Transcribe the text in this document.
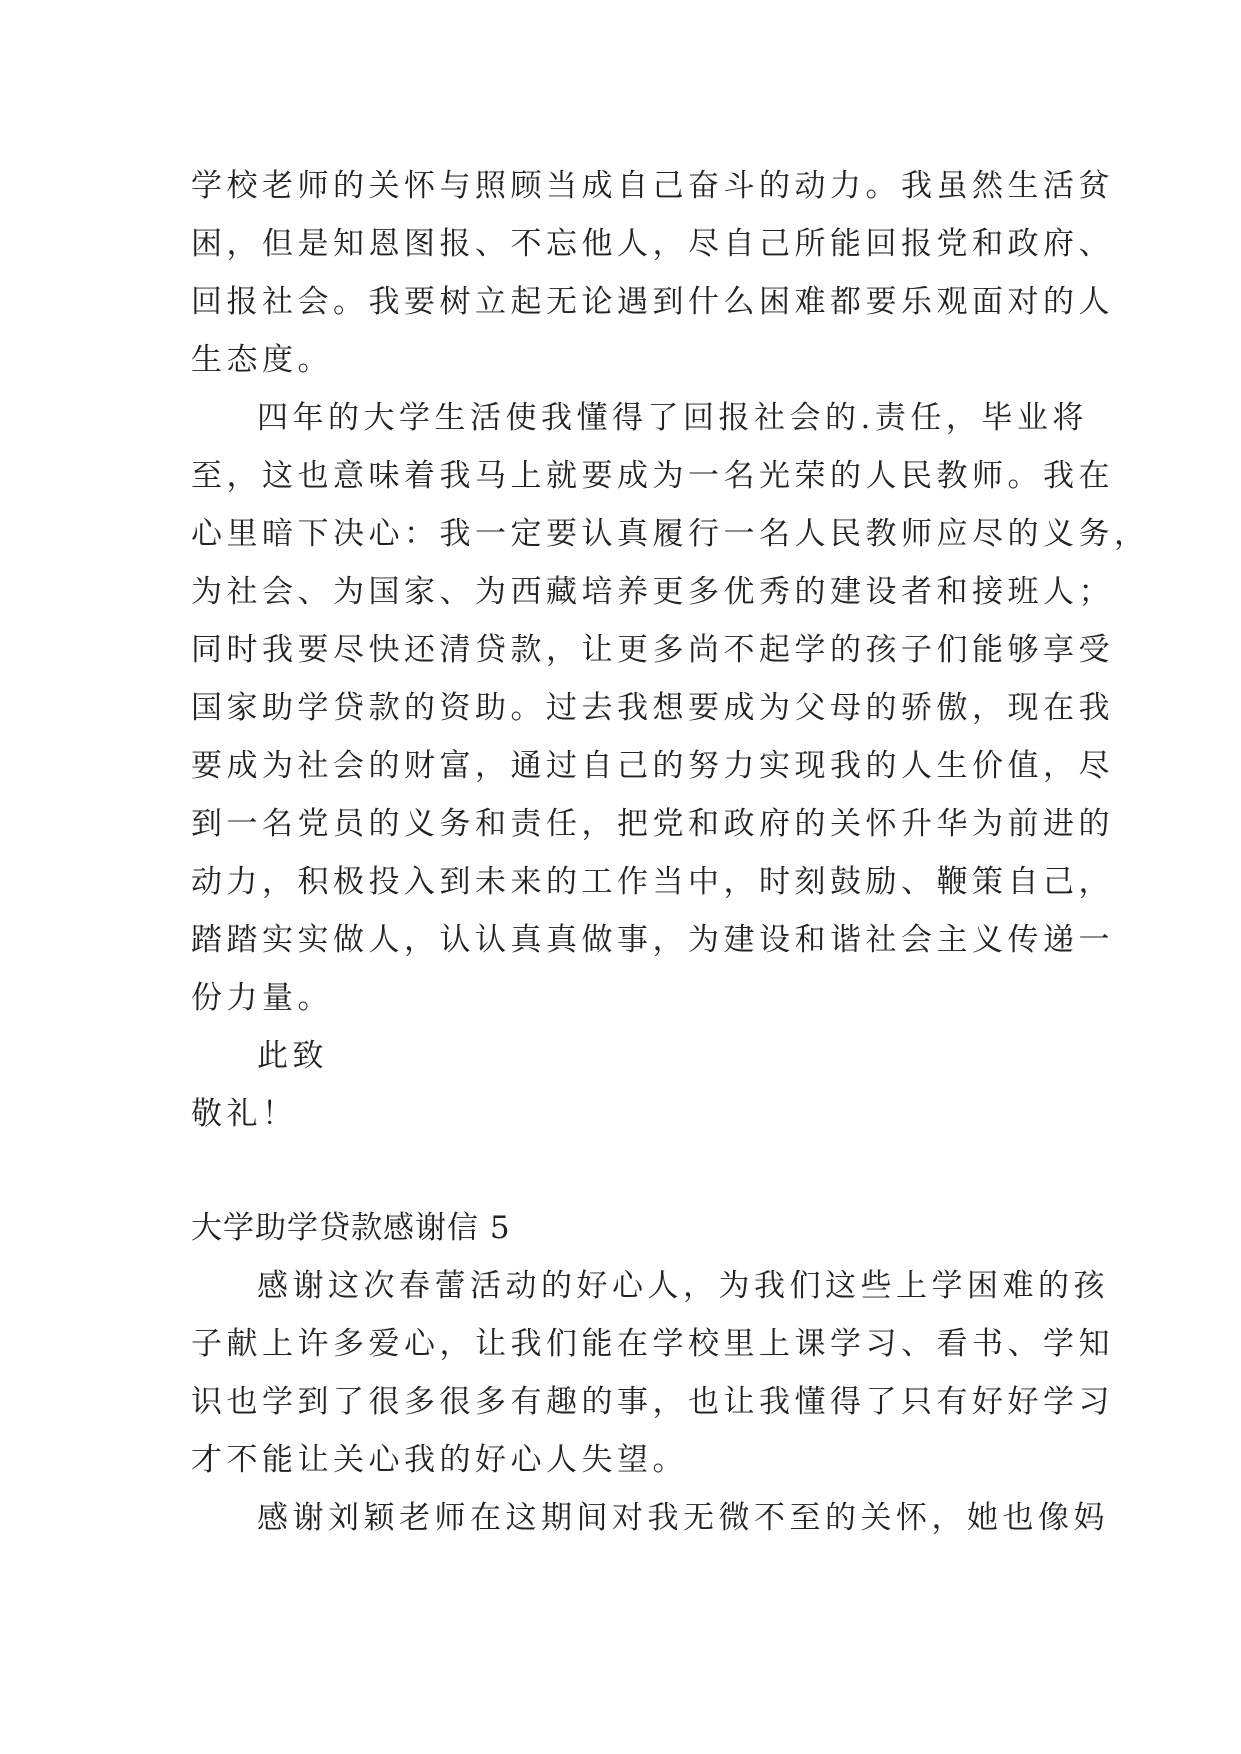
学校老师的关怀与照顾当成自己奋斗的动力。我虽然生活贫
困，但是知恩图报、不忘他人，尽自己所能回报党和政府、
回报社会。我要树立起无论遇到什么困难都要乐观面对的人
生态度。
四年的大学生活使我懂得了回报社会的.责任，毕业将
至，这也意味着我马上就要成为一名光荣的人民教师。我在
心里暗下决心：我一定要认真履行一名人民教师应尽的义务，
为社会、为国家、为西藏培养更多优秀的建设者和接班人；
同时我要尽快还清贷款，让更多尚不起学的孩子们能够享受
国家助学贷款的资助。过去我想要成为父母的骄傲，现在我
要成为社会的财富，通过自己的努力实现我的人生价值，尽
到一名党员的义务和责任，把党和政府的关怀升华为前进的
动力，积极投入到未来的工作当中，时刻鼓励、鞭策自己，
踏踏实实做人，认认真真做事，为建设和谐社会主义传递一
份力量。
此致
敬礼！
大学助学贷款感谢信 5
感谢这次春蕾活动的好心人，为我们这些上学困难的孩
子献上许多爱心，让我们能在学校里上课学习、看书、学知
识也学到了很多很多有趣的事，也让我懂得了只有好好学习
才不能让关心我的好心人失望。
感谢刘颖老师在这期间对我无微不至的关怀，她也像妈
